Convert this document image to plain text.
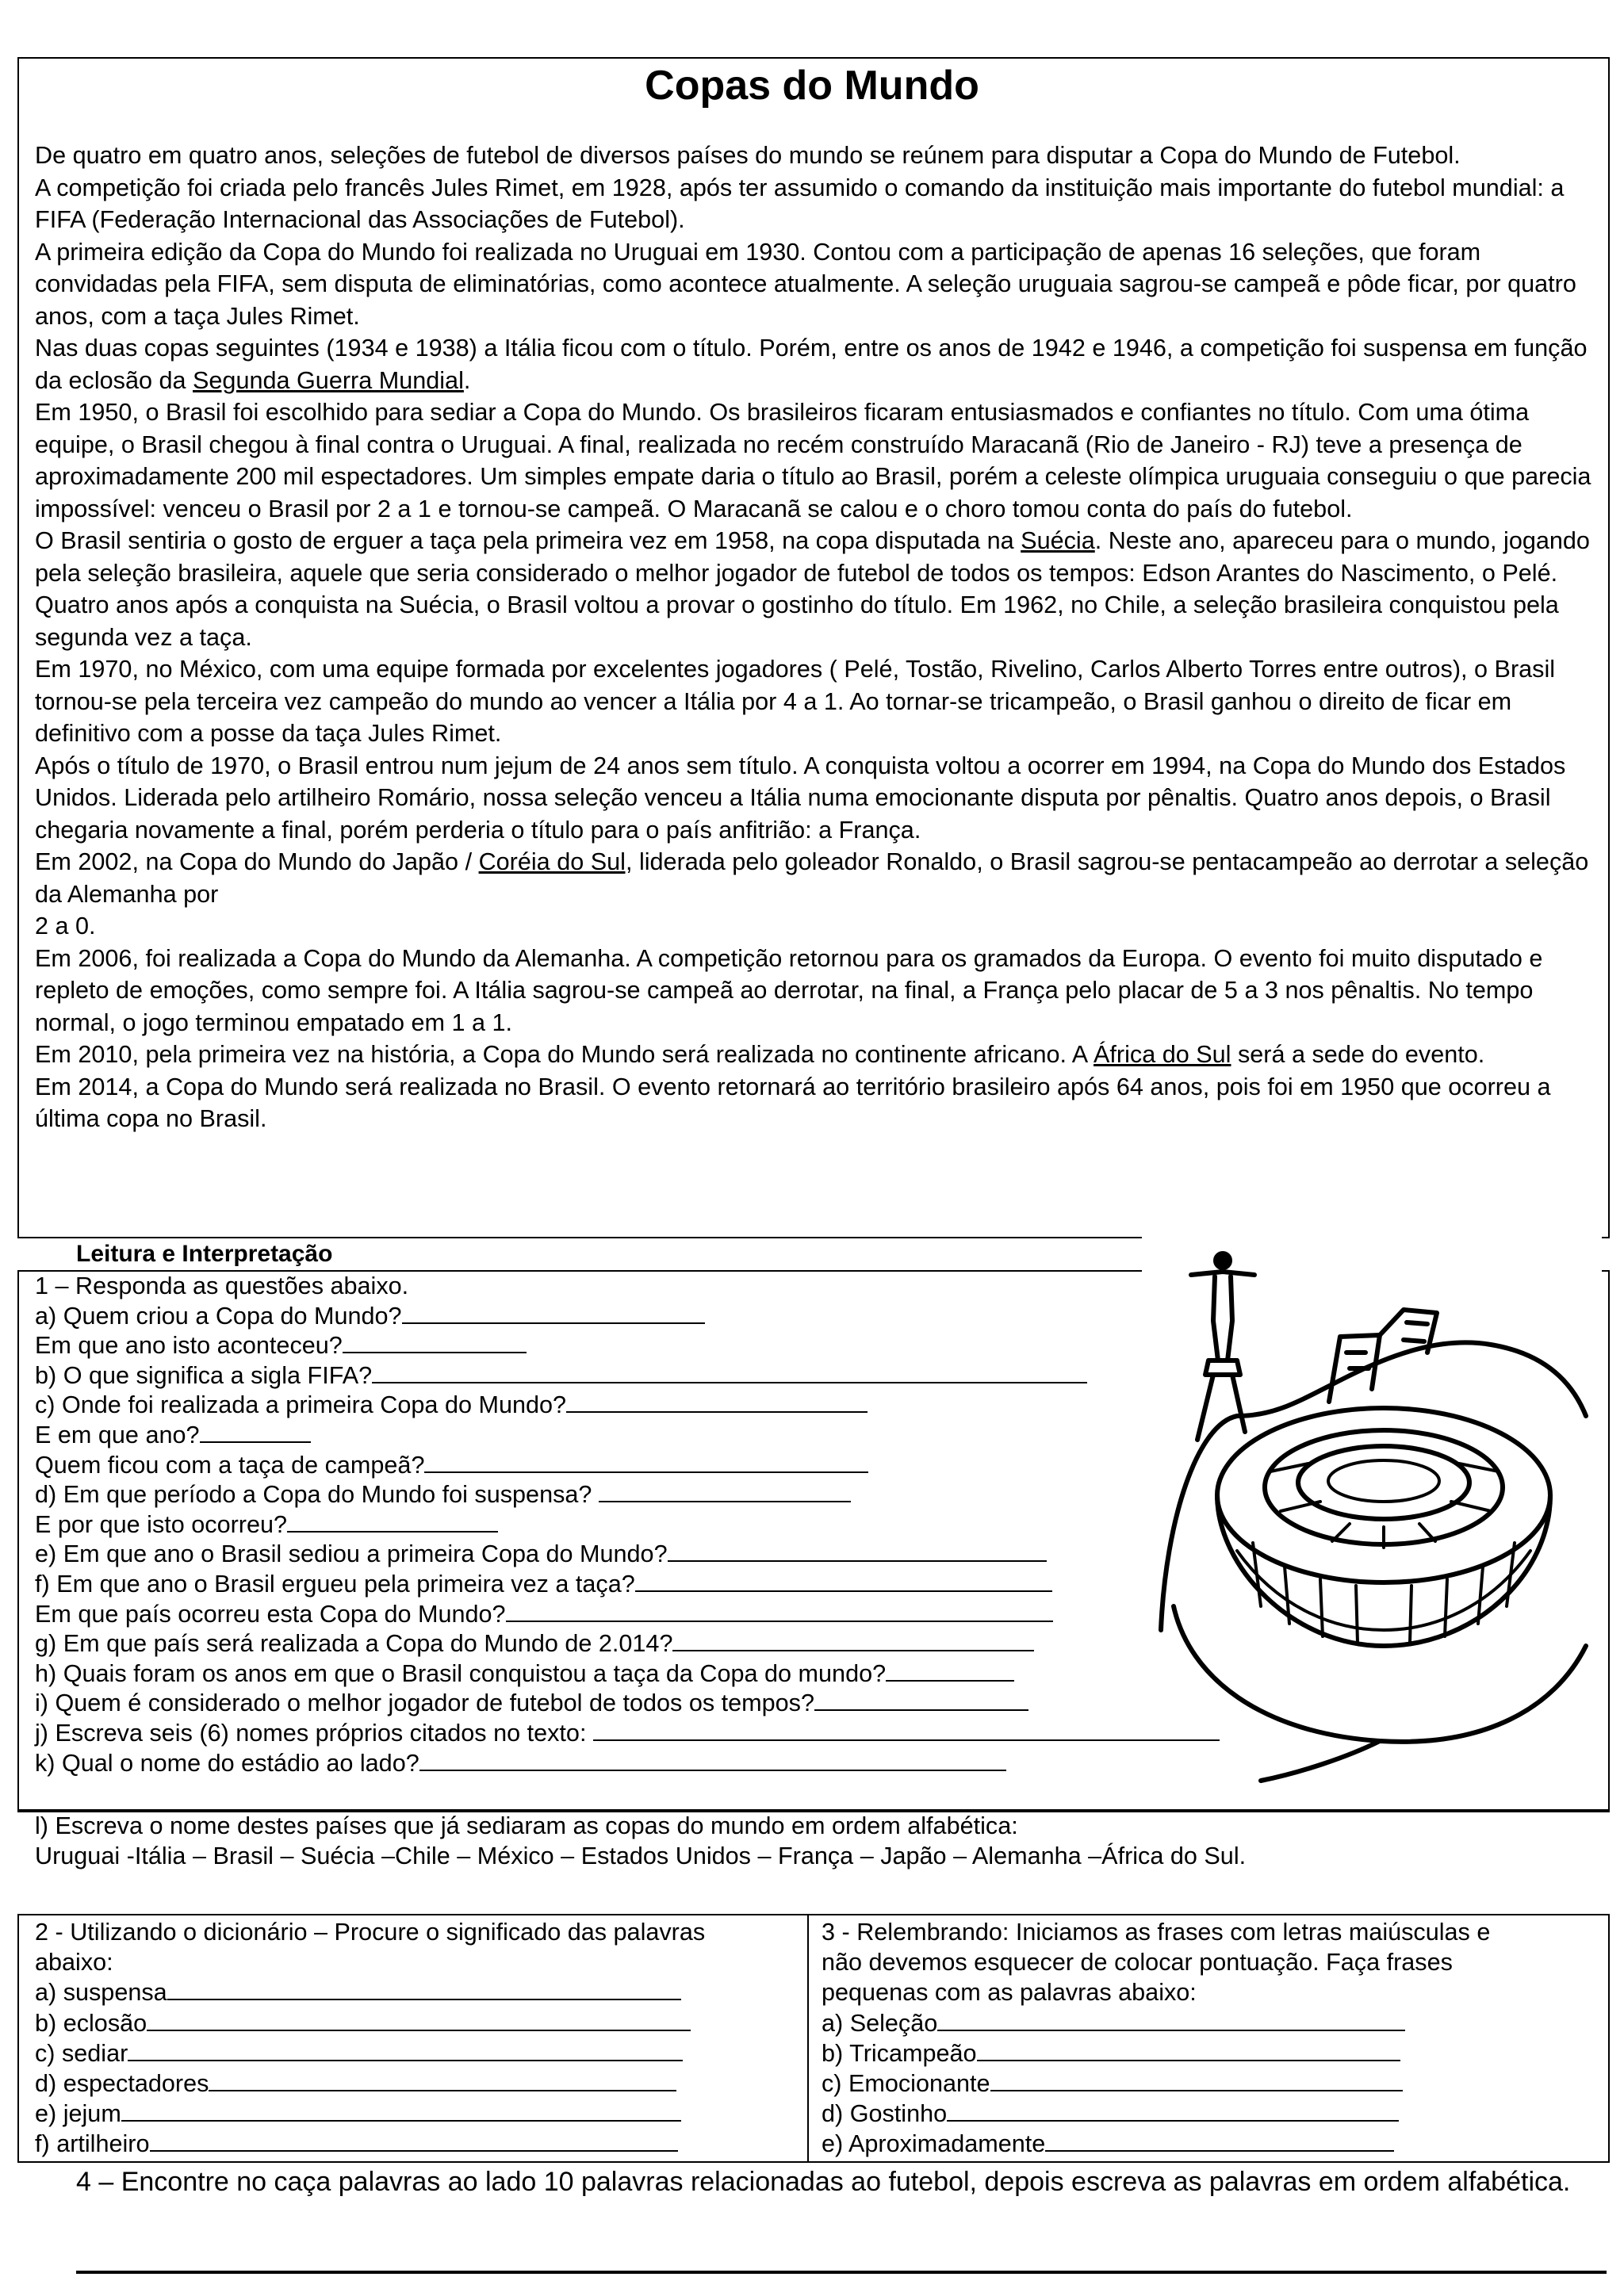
Copas do Mundo

De quatro em quatro anos, seleções de futebol de diversos países do mundo se reúnem para disputar a Copa do Mundo de Futebol.

A competição foi criada pelo francês Jules Rimet, em 1928, após ter assumido o comando da instituição mais importante do futebol mundial: a FIFA (Federação Internacional das Associações de Futebol).

A primeira edição da Copa do Mundo foi realizada no Uruguai em 1930. Contou com a participação de apenas 16 seleções, que foram convidadas pela FIFA, sem disputa de eliminatórias, como acontece atualmente. A seleção uruguaia sagrou-se campeã e pôde ficar, por quatro anos, com a taça Jules Rimet.

Nas duas copas seguintes (1934 e 1938) a Itália ficou com o título. Porém, entre os anos de 1942 e 1946, a competição foi suspensa em função da eclosão da Segunda Guerra Mundial.

Em 1950, o Brasil foi escolhido para sediar a Copa do Mundo. Os brasileiros ficaram entusiasmados e confiantes no título. Com uma ótima equipe, o Brasil chegou à final contra o Uruguai. A final, realizada no recém construído Maracanã (Rio de Janeiro - RJ) teve a presença de aproximadamente 200 mil espectadores. Um simples empate daria o título ao Brasil, porém a celeste olímpica uruguaia conseguiu o que parecia impossível: venceu o Brasil por 2 a 1 e tornou-se campeã. O Maracanã se calou e o choro tomou conta do país do futebol.

O Brasil sentiria o gosto de erguer a taça pela primeira vez em 1958, na copa disputada na Suécia. Neste ano, apareceu para o mundo, jogando pela seleção brasileira, aquele que seria considerado o melhor jogador de futebol de todos os tempos: Edson Arantes do Nascimento, o Pelé.

Quatro anos após a conquista na Suécia, o Brasil voltou a provar o gostinho do título. Em 1962, no Chile, a seleção brasileira conquistou pela segunda vez a taça.

Em 1970, no México, com uma equipe formada por excelentes jogadores ( Pelé, Tostão, Rivelino, Carlos Alberto Torres entre outros), o Brasil tornou-se pela terceira vez campeão do mundo ao vencer a Itália por 4 a 1. Ao tornar-se tricampeão, o Brasil ganhou o direito de ficar em definitivo com a posse da taça Jules Rimet.

Após o título de 1970, o Brasil entrou num jejum de 24 anos sem título. A conquista voltou a ocorrer em 1994, na Copa do Mundo dos Estados Unidos. Liderada pelo artilheiro Romário, nossa seleção venceu a Itália numa emocionante disputa por pênaltis. Quatro anos depois, o Brasil chegaria novamente a final, porém perderia o título para o país anfitrião: a França.

Em 2002, na Copa do Mundo do Japão / Coréia do Sul, liderada pelo goleador Ronaldo, o Brasil sagrou-se pentacampeão ao derrotar a seleção da Alemanha por

2 a 0.

Em 2006, foi realizada a Copa do Mundo da Alemanha. A competição retornou para os gramados da Europa. O evento foi muito disputado e repleto de emoções, como sempre foi. A Itália sagrou-se campeã ao derrotar, na final, a França pelo placar de 5 a 3 nos pênaltis. No tempo normal, o jogo terminou empatado em 1 a 1.

Em 2010, pela primeira vez na história, a Copa do Mundo será realizada no continente africano. A África do Sul será a sede do evento.

Em 2014, a Copa do Mundo será realizada no Brasil. O evento retornará ao território brasileiro após 64 anos, pois foi em 1950 que ocorreu a última copa no Brasil.

Leitura e Interpretação
1 – Responda as questões abaixo.
a) Quem criou a Copa do Mundo?
Em que ano isto aconteceu?
b) O que significa a sigla FIFA?
c) Onde foi realizada a primeira Copa do Mundo?
E em que ano?
Quem ficou com a taça de campeã?
d) Em que período a Copa do Mundo foi suspensa?
E por que isto ocorreu?
e) Em que ano o Brasil sediou a primeira Copa do Mundo?
f) Em que ano o Brasil ergueu pela primeira vez a taça?
Em que país ocorreu esta Copa do Mundo?
g) Em que país será realizada a Copa do Mundo de 2.014?
h) Quais foram os anos em que o Brasil conquistou a taça da Copa do mundo?
i) Quem é considerado o melhor jogador de futebol de todos os tempos?
j) Escreva seis (6) nomes próprios citados no texto:
k) Qual o nome do estádio ao lado?
l) Escreva o nome destes países que já sediaram as copas do mundo em ordem alfabética:
Uruguai -Itália – Brasil – Suécia –Chile – México – Estados Unidos – França – Japão – Alemanha –África do Sul.
2 - Utilizando o dicionário – Procure o significado das palavras
abaixo:
a) suspensa
b) eclosão
c) sediar
d) espectadores
e) jejum
f) artilheiro
3 - Relembrando: Iniciamos as frases com letras maiúsculas e
não devemos esquecer de colocar pontuação. Faça frases
pequenas com as palavras abaixo:
a) Seleção
b) Tricampeão
c) Emocionante
d) Gostinho
e) Aproximadamente
4 – Encontre no caça palavras ao lado 10 palavras relacionadas ao futebol, depois escreva as palavras em ordem alfabética.
